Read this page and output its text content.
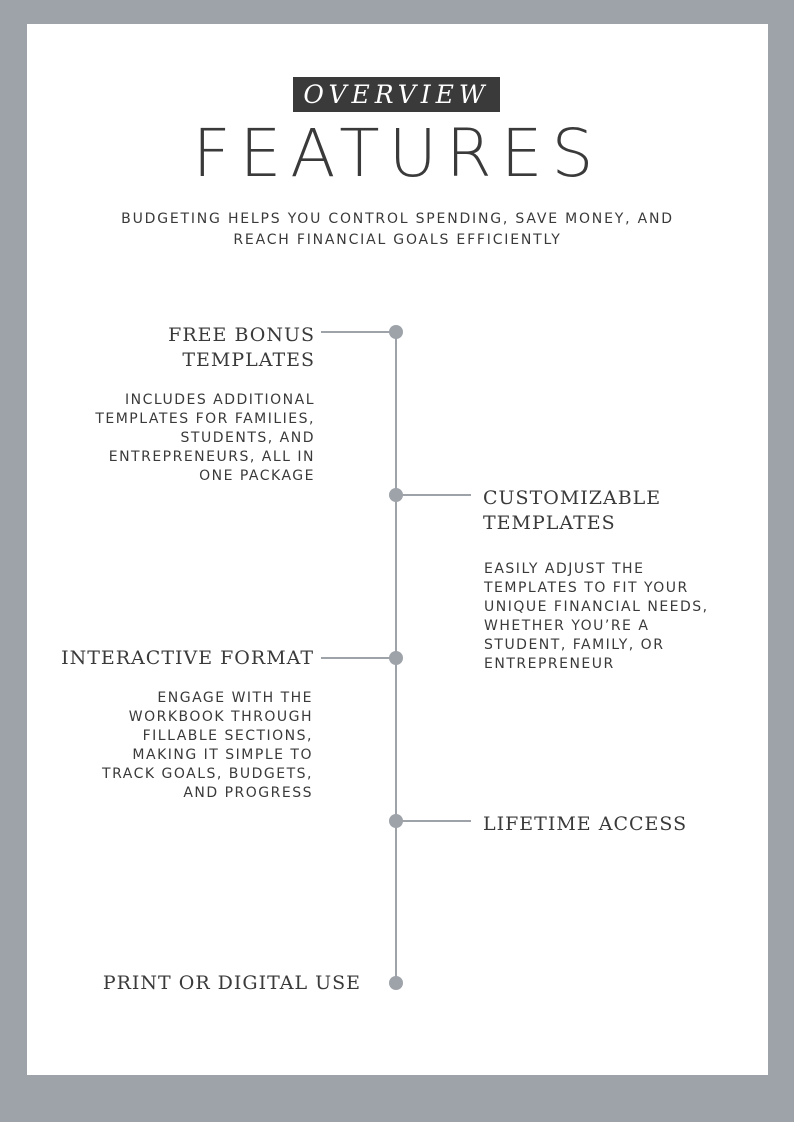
OVERVIEW
FEATURES
BUDGETING HELPS YOU CONTROL SPENDING, SAVE MONEY, AND
REACH FINANCIAL GOALS EFFICIENTLY
FREE BONUS
TEMPLATES
INCLUDES ADDITIONAL
TEMPLATES FOR FAMILIES,
STUDENTS, AND
ENTREPRENEURS, ALL IN
ONE PACKAGE
CUSTOMIZABLE
TEMPLATES
EASILY ADJUST THE
TEMPLATES TO FIT YOUR
UNIQUE FINANCIAL NEEDS,
WHETHER YOU’RE A
STUDENT, FAMILY, OR
ENTREPRENEUR
INTERACTIVE FORMAT
ENGAGE WITH THE
WORKBOOK THROUGH
FILLABLE SECTIONS,
MAKING IT SIMPLE TO
TRACK GOALS, BUDGETS,
AND PROGRESS
LIFETIME ACCESS
PRINT OR DIGITAL USE
